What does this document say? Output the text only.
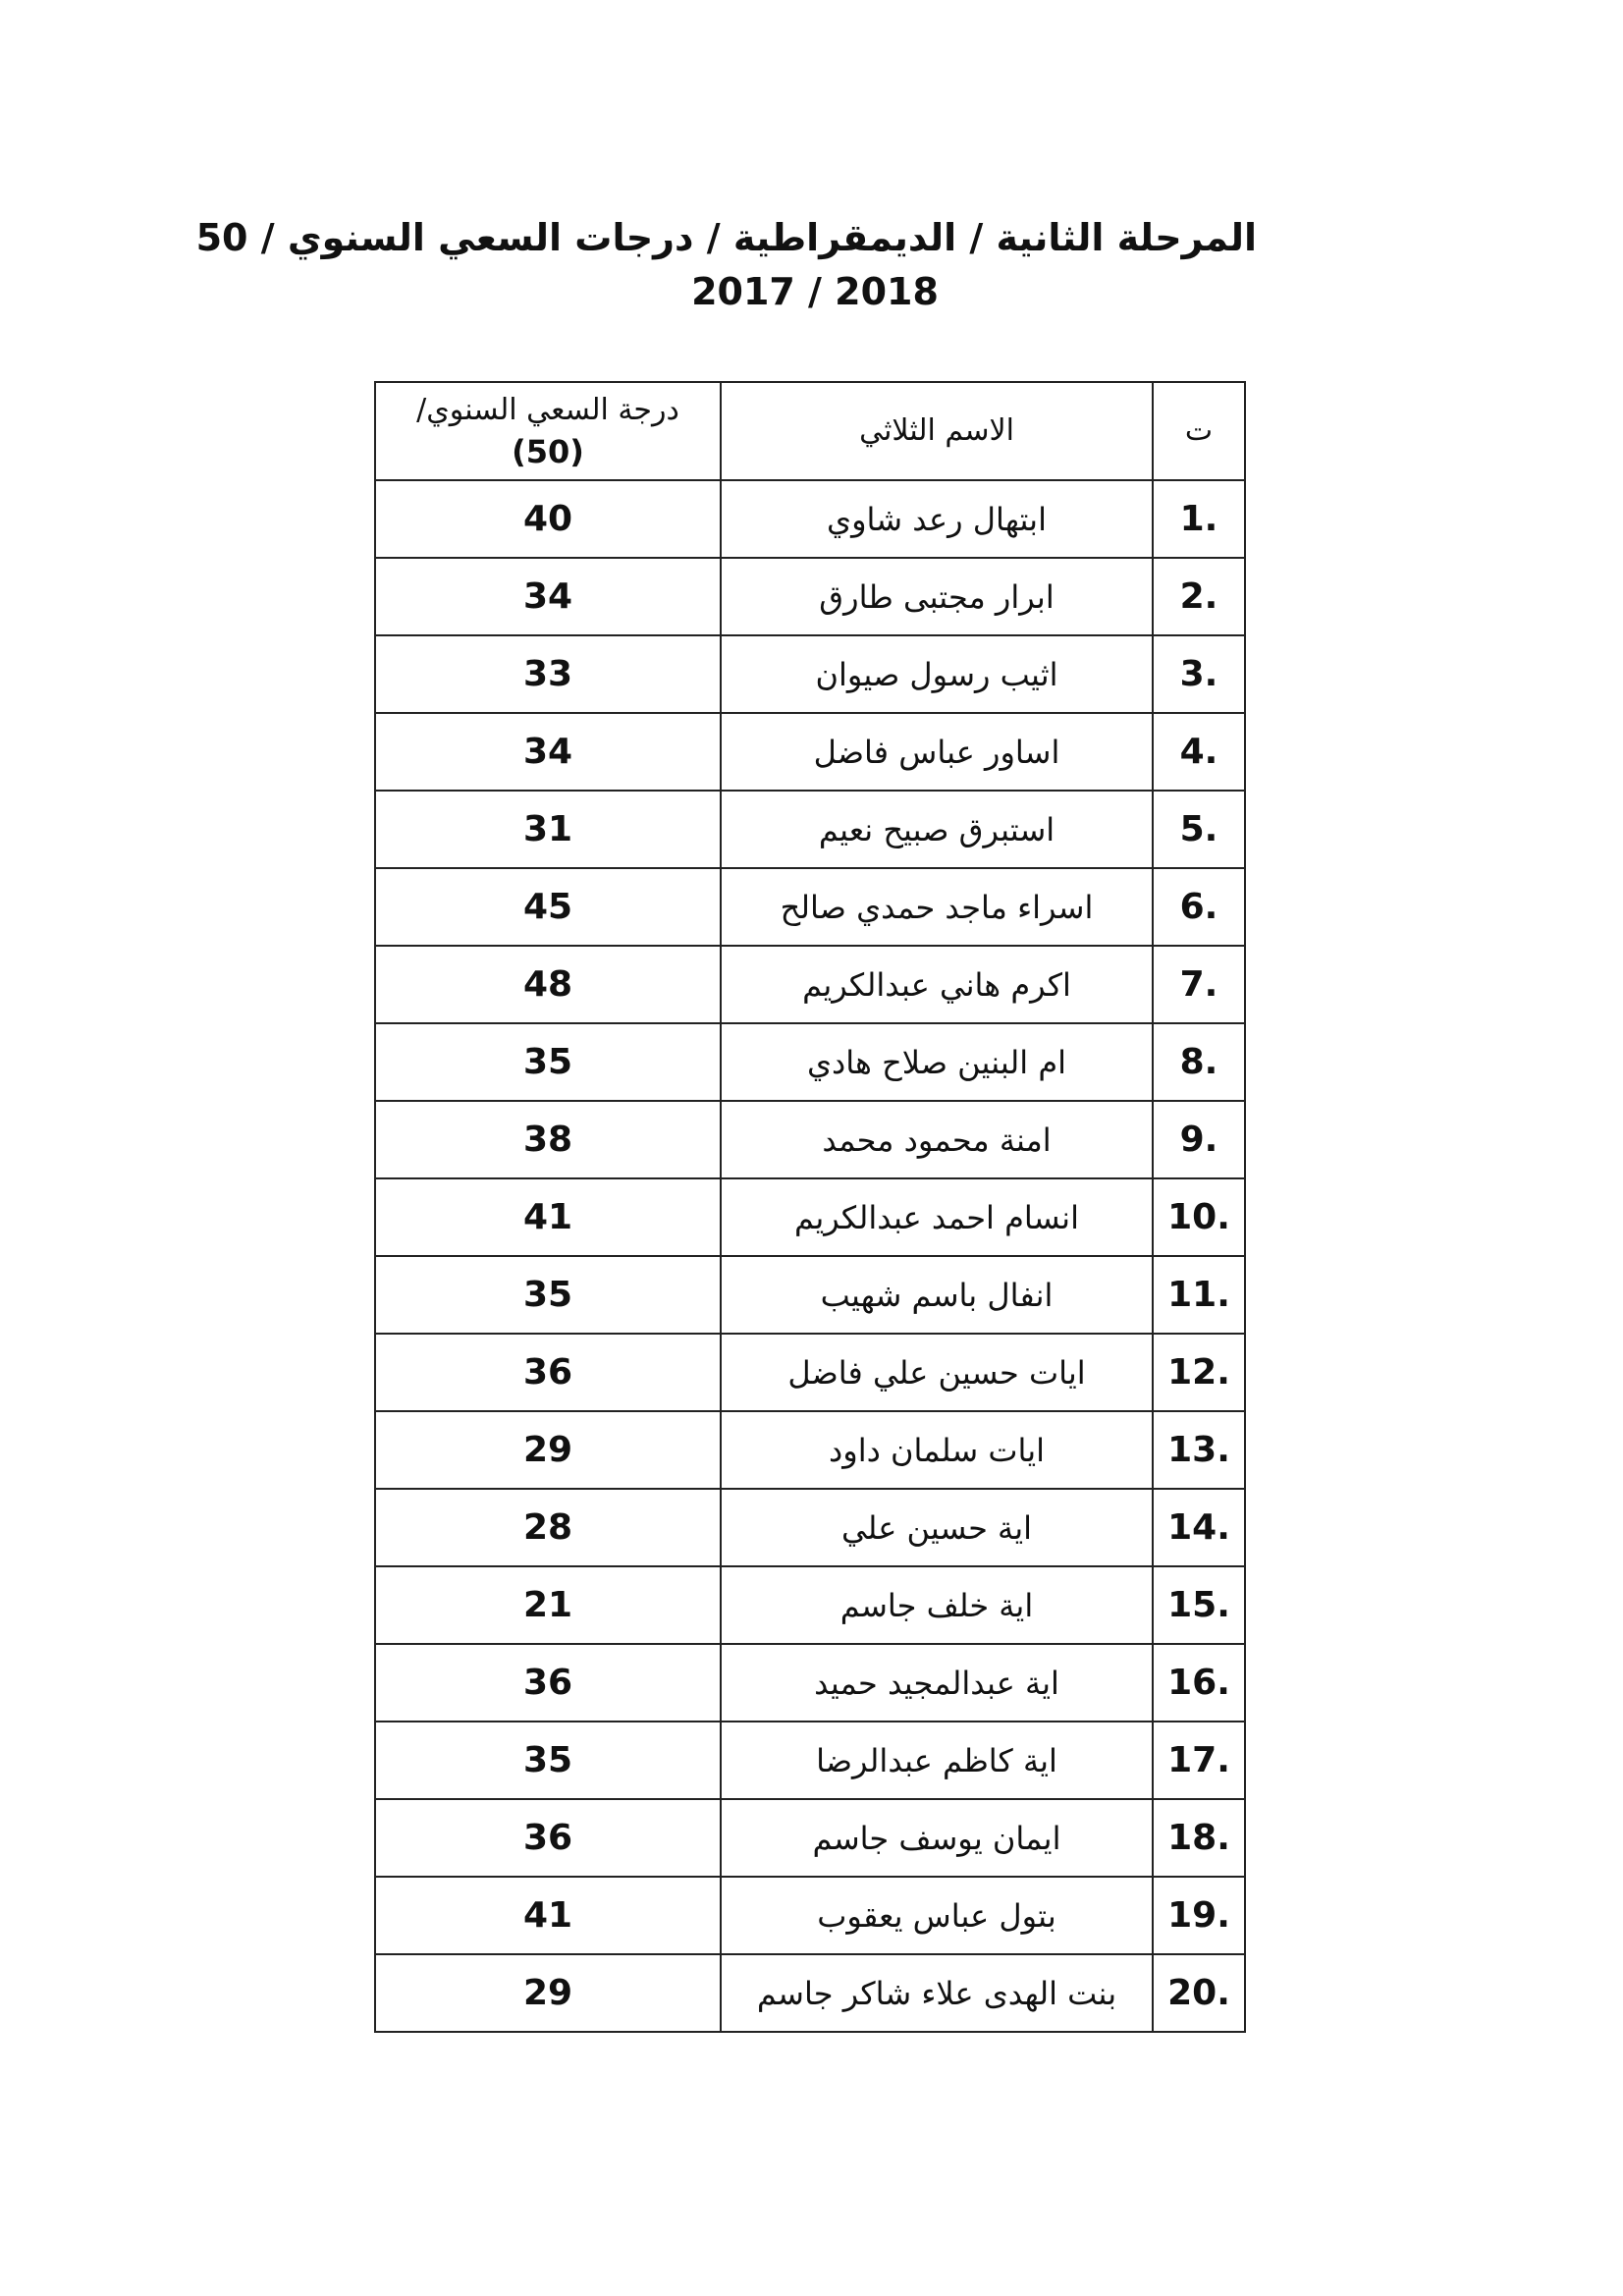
المرحلة الثانية / الديمقراطية / درجات السعي السنوي / 50
2017 / 2018
ت	الاسم الثلاثي	درجة السعي السنوي/
(50)

1.	ابتهال رعد شاوي	40
2.	ابرار مجتبى طارق	34
3.	اثيب رسول صيوان	33
4.	اساور عباس فاضل	34
5.	استبرق صبيح نعيم	31
6.	اسراء ماجد حمدي صالح	45
7.	اكرم هاني عبدالكريم	48
8.	ام البنين صلاح هادي	35
9.	امنة محمود محمد	38
10.	انسام احمد عبدالكريم	41
11.	انفال باسم شهيب	35
12.	ايات حسين علي فاضل	36
13.	ايات سلمان داود	29
14.	اية حسين علي	28
15.	اية خلف جاسم	21
16.	اية عبدالمجيد حميد	36
17.	اية كاظم عبدالرضا	35
18.	ايمان يوسف جاسم	36
19.	بتول عباس يعقوب	41
20.	بنت الهدى علاء شاكر جاسم	29
